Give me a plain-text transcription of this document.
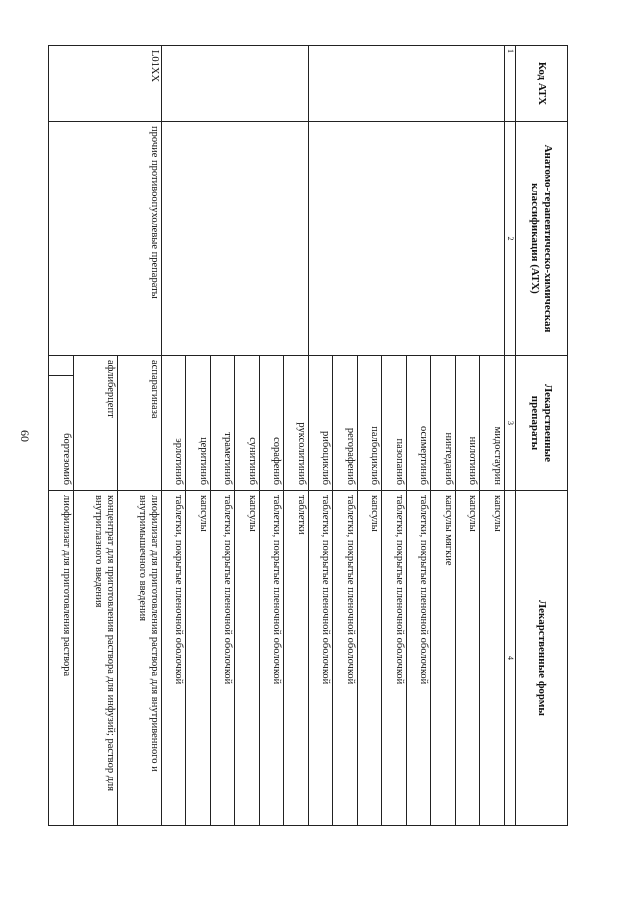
60
Код АТХ	Анатомо-терапевтическо-химическая классификация (АТХ)	Лекарственные препараты		Лекарственные формы
1	2	3		4
		мидостаурин		капсулы
		нилотиниб		капсулы
		нинтеданиб		капсулы мягкие
		осимертиниб		таблетки, покрытые пленочной оболочкой
		пазопаниб		таблетки, покрытые пленочной оболочкой
		палбоциклиб		капсулы
		регорафениб		таблетки, покрытые пленочной оболочкой
		рибоциклиб		таблетки, покрытые пленочной оболочкой
		руксолитиниб		таблетки
		сорафениб		таблетки, покрытые пленочной оболочкой
		сунитиниб		капсулы
		траметиниб		таблетки, покрытые пленочной оболочкой
		церитиниб		капсулы
		эрлотиниб		таблетки, покрытые пленочной оболочкой
L01XX	прочие противоопухолевые препараты	аспарагиназа		лиофилизат для приготовления раствора для внутривенного и внутримышечного введения
		афлиберцепт		концентрат для приготовления раствора для инфузий; раствор для внутриглазного введения
			бортезомиб	лиофилизат для приготовления раствора
